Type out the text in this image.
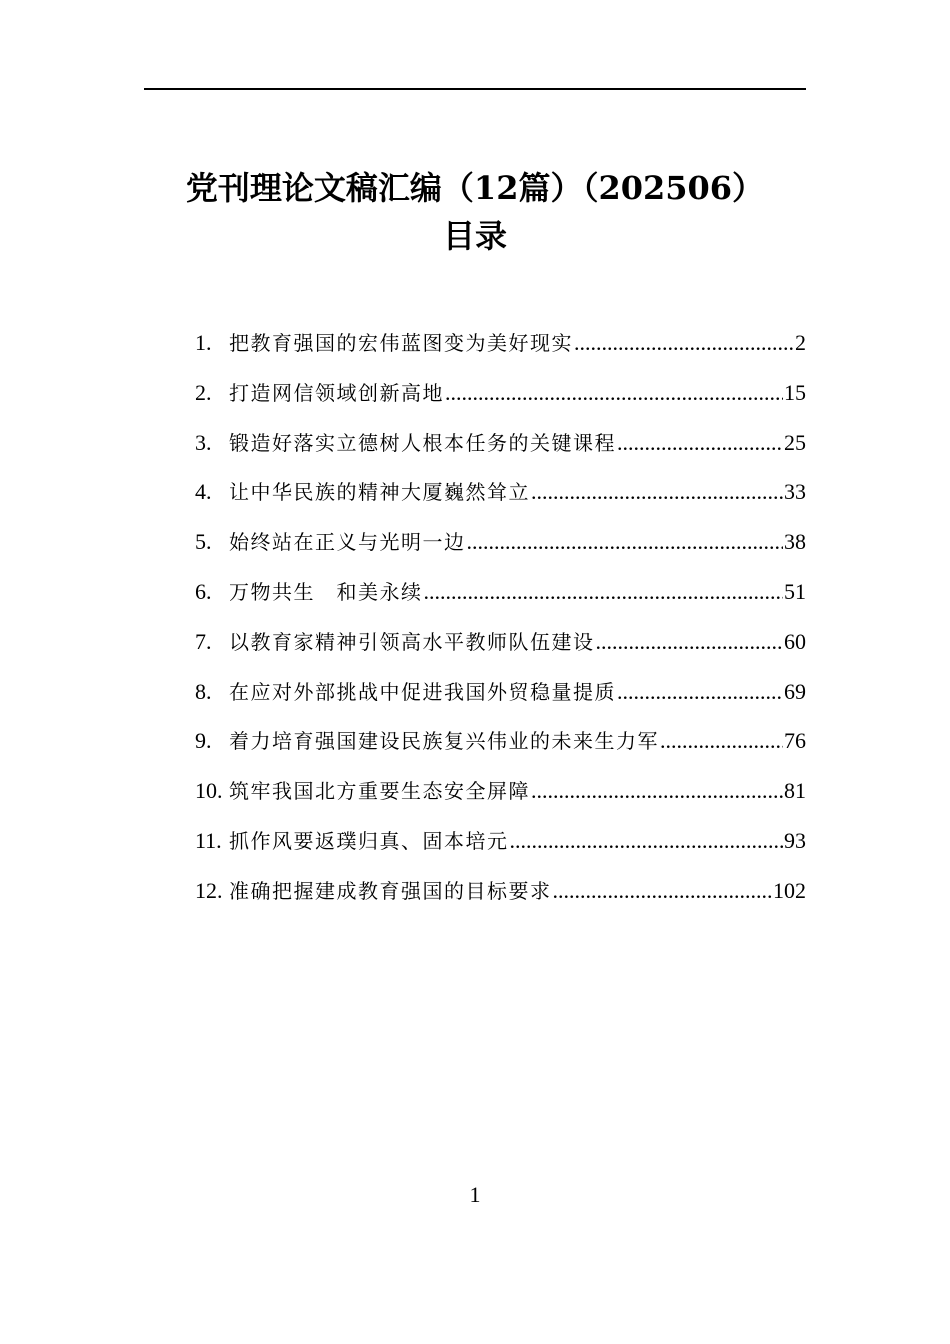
党刊理论文稿汇编（12篇）（202506）
目录
1. 把教育强国的宏伟蓝图变为美好现实 .....	2
2. 打造网信领域创新高地 .....	15
3. 锻造好落实立德树人根本任务的关键课程 .....	25
4. 让中华民族的精神大厦巍然耸立 .....	33
5. 始终站在正义与光明一边 .....	38
6. 万物共生　和美永续 .....	51
7. 以教育家精神引领高水平教师队伍建设 .....	60
8. 在应对外部挑战中促进我国外贸稳量提质 .....	69
9. 着力培育强国建设民族复兴伟业的未来生力军 .....	76
10. 筑牢我国北方重要生态安全屏障 .....	81
11. 抓作风要返璞归真、固本培元 .....	93
12. 准确把握建成教育强国的目标要求 .....	102
1
